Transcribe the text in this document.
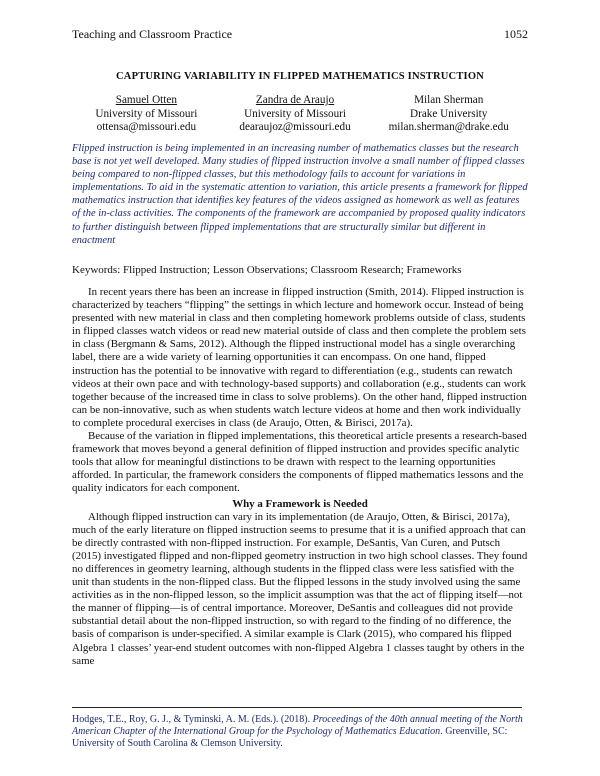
Teaching and Classroom Practice	1052
CAPTURING VARIABILITY IN FLIPPED MATHEMATICS INSTRUCTION
Samuel Otten
University of Missouri
ottensa@missouri.edu
Zandra de Araujo
University of Missouri
dearaujoz@missouri.edu
Milan Sherman
Drake University
milan.sherman@drake.edu
Flipped instruction is being implemented in an increasing number of mathematics classes but the research base is not yet well developed. Many studies of flipped instruction involve a small number of flipped classes being compared to non-flipped classes, but this methodology fails to account for variations in implementations. To aid in the systematic attention to variation, this article presents a framework for flipped mathematics instruction that identifies key features of the videos assigned as homework as well as features of the in-class activities. The components of the framework are accompanied by proposed quality indicators to further distinguish between flipped implementations that are structurally similar but different in enactment
Keywords: Flipped Instruction; Lesson Observations; Classroom Research; Frameworks

In recent years there has been an increase in flipped instruction (Smith, 2014). Flipped instruction is characterized by teachers “flipping” the settings in which lecture and homework occur. Instead of being presented with new material in class and then completing homework problems outside of class, students in flipped classes watch videos or read new material outside of class and then complete the problem sets in class (Bergmann & Sams, 2012). Although the flipped instructional model has a single overarching label, there are a wide variety of learning opportunities it can encompass. On one hand, flipped instruction has the potential to be innovative with regard to differentiation (e.g., students can rewatch videos at their own pace and with technology-based supports) and collaboration (e.g., students can work together because of the increased time in class to solve problems). On the other hand, flipped instruction can be non-innovative, such as when students watch lecture videos at home and then work individually to complete procedural exercises in class (de Araujo, Otten, & Birisci, 2017a).

Because of the variation in flipped implementations, this theoretical article presents a research-based framework that moves beyond a general definition of flipped instruction and provides specific analytic tools that allow for meaningful distinctions to be drawn with respect to the learning opportunities afforded. In particular, the framework considers the components of flipped mathematics lessons and the quality indicators for each component.

Why a Framework is Needed

Although flipped instruction can vary in its implementation (de Araujo, Otten, & Birisci, 2017a), much of the early literature on flipped instruction seems to presume that it is a unified approach that can be directly contrasted with non-flipped instruction. For example, DeSantis, Van Curen, and Putsch (2015) investigated flipped and non-flipped geometry instruction in two high school classes. They found no differences in geometry learning, although students in the flipped class were less satisfied with the unit than students in the non-flipped class. But the flipped lessons in the study involved using the same activities as in the non-flipped lesson, so the implicit assumption was that the act of flipping itself—not the manner of flipping—is of central importance. Moreover, DeSantis and colleagues did not provide substantial detail about the non-flipped instruction, so with regard to the finding of no difference, the basis of comparison is under-specified. A similar example is Clark (2015), who compared his flipped Algebra 1 classes’ year-end student outcomes with non-flipped Algebra 1 classes taught by others in the same

Hodges, T.E., Roy, G. J., & Tyminski, A. M. (Eds.). (2018). Proceedings of the 40th annual meeting of the North American Chapter of the International Group for the Psychology of Mathematics Education. Greenville, SC: University of South Carolina & Clemson University.
